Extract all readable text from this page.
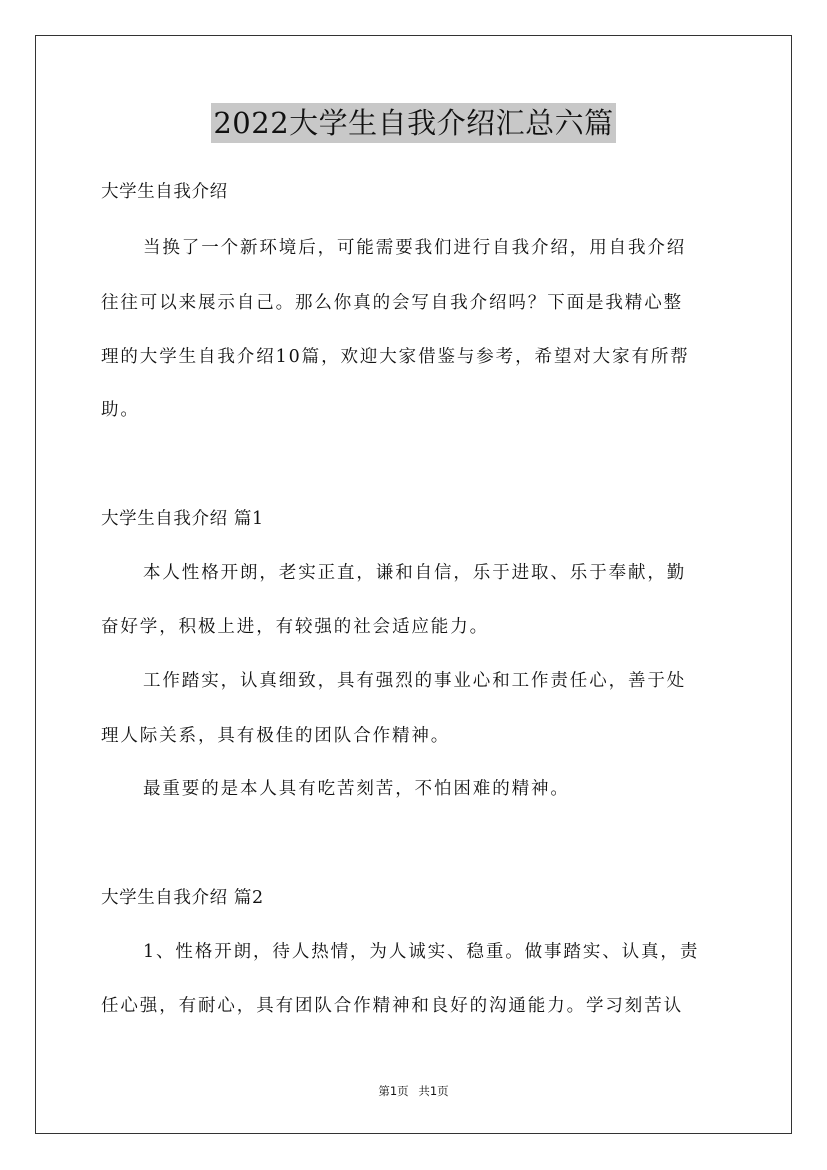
2022大学生自我介绍汇总六篇
大学生自我介绍
当换了一个新环境后，可能需要我们进行自我介绍，用自我介绍
往往可以来展示自己。那么你真的会写自我介绍吗？下面是我精心整
理的大学生自我介绍10篇，欢迎大家借鉴与参考，希望对大家有所帮
助。
大学生自我介绍 篇1
本人性格开朗，老实正直，谦和自信，乐于进取、乐于奉献，勤
奋好学，积极上进，有较强的社会适应能力。
工作踏实，认真细致，具有强烈的事业心和工作责任心，善于处
理人际关系，具有极佳的团队合作精神。
最重要的是本人具有吃苦刻苦，不怕困难的精神。
大学生自我介绍 篇2
1、性格开朗，待人热情，为人诚实、稳重。做事踏实、认真，责
任心强，有耐心，具有团队合作精神和良好的沟通能力。学习刻苦认
第1页 共1页
